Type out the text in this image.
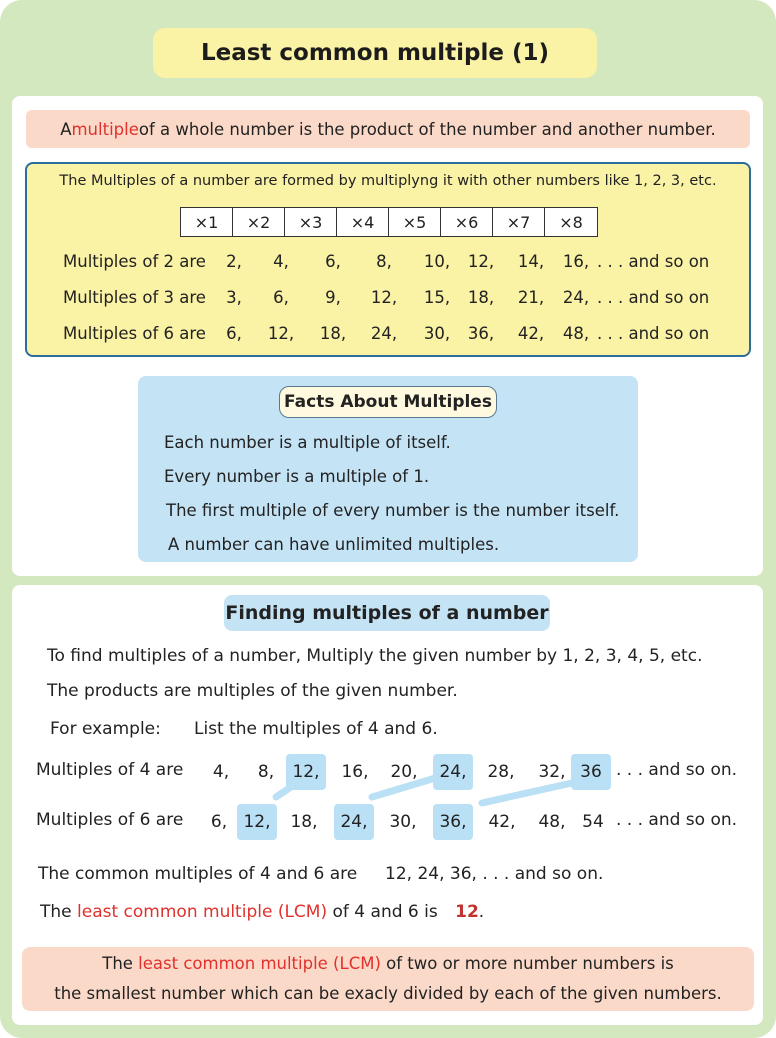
Least common multiple (1)
A multiple of a whole number is the product of the number and another number.
The Multiples of a number are formed by multiplyng it with other numbers like 1, 2, 3, etc.
×1	×2	×3	×4	×5	×6	×7	×8
Multiples of 2 are	2,	4,	6,	8,	10,	12,	14,	16, . . . and so on
Multiples of 3 are	3,	6,	9,	12,	15,	18,	21,	24, . . . and so on
Multiples of 6 are	6,	12,	18,	24,	30,	36,	42,	48, . . . and so on
Facts About Multiples
Each number is a multiple of itself.
Every number is a multiple of 1.
The first multiple of every number is the number itself.
A number can have unlimited multiples.
Finding multiples of a number
To find multiples of a number, Multiply the given number by 1, 2, 3, 4, 5, etc.
The products are multiples of the given number.
For example: List the multiples of 4 and 6.
Multiples of 4 are	4,	8,	12,	16,	20,	24,	28,	32, 36 . . . and so on.
Multiples of 6 are	6, 12,	18,	24,	30,	36,	42,	48, 54 . . . and so on.
The common multiples of 4 and 6 are 12, 24, 36, . . . and so on.
The least common multiple (LCM) of 4 and 6 is 12.
The least common multiple (LCM) of two or more number numbers is
the smallest number which can be exacly divided by each of the given numbers.
